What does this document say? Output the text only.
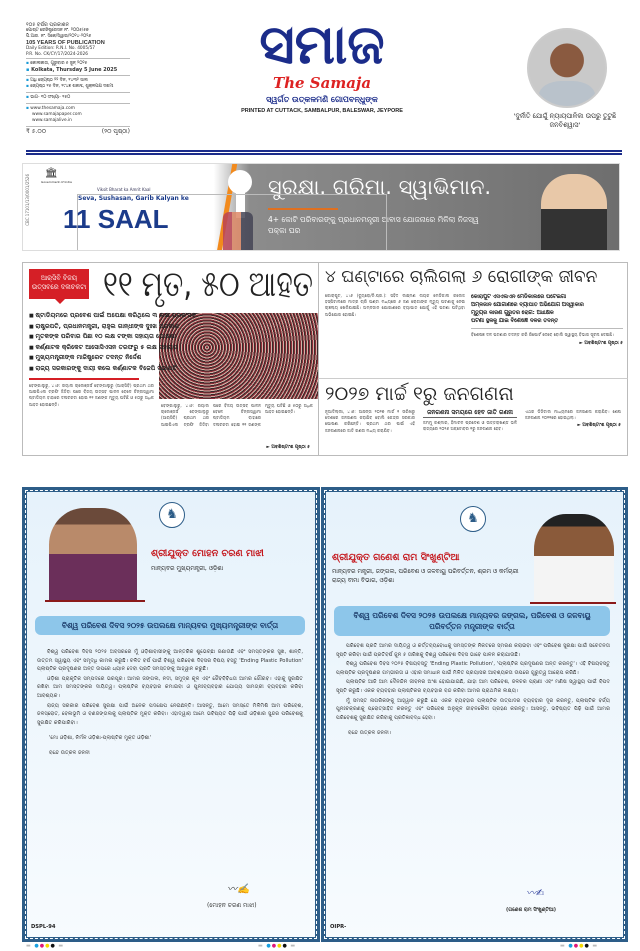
୧୦୫ ବର୍ଷର ପ୍ରକାଶନ
ପୋଷ୍ଟ ରେଜିଷ୍ଟ୍ରେସନ ନଂ. ୨୦୦୫/୫୭
ପି.ଆର. ନଂ. ସିକେ/ସିୱାଇ/୨୦୨୪-୨୦୨୬
105 YEARS OF PUBLICATION
Daily Edition: R.N.I. No. 4005/57
P.R. No. CK/CY/17/2024-2026
▪ କୋଲକାତା, ଗୁରୁବାର ୫ ଜୁନ୍ ୨୦୨୫
▪ Kolkata, Thursday 5 June 2025
▪ ଅଧି ଜ୍ୟେଷ୍ଠ ୨୨ ଦିନ, ୧୪୩୨ ସାଲ
▪ ଜ୍ୟେଷ୍ଠ ୧୫ ଦିନ, ୧୯୪୭ ଶକାବ୍ଦ, ଶୁକ୍ଳପକ୍ଷ ଦଶମୀ
▪ ଭାଗ- ୧୦ ସଂଖ୍ୟା- ୧୫୦
▪ www.thesamaja.com
www.samajapaper.com
www.samajalive.in
₹ ୫.୦୦	(୨୦ ପୃଷ୍ଠା)
ସମାଜ
The Samaja
ସ୍ୱର୍ଗତ ଉତ୍କଳମଣି ଗୋପବନ୍ଧୁଙ୍କ
PRINTED AT CUTTACK, SAMBALPUR, BALESWAR, JEYPORE
'ଦୁର୍ନୀତି ଯୋଗୁଁ ନ୍ୟାୟପାଳିକା ଉପରୁ ତୁଟୁଛି ଜନବିଶ୍ୱାସ'
CBC 17101/13/0001/2526
🏛
Government of India
Viksit Bharat ka Amrit Kaal
Seva, Sushasan, Garib Kalyan ke
11 SAAL
ସୁରକ୍ଷା. ଗରିମା. ସ୍ୱାଭିମାନ.
4+ କୋଟି ପରିବାରଙ୍କୁ ପ୍ରଧାନମନ୍ତ୍ରୀ ଆବାସ ଯୋଜନାରେ ମିଳିଲା ନିଜସ୍ୱ ପକ୍କା ଘର
ଆର୍‌ସିବି ବିଜୟ ଉତ୍ସବରେ ଦଳାଚକଟା ୧୧ ମୃତ, ୫୦ ଆହତ
■ ଷ୍ଟାଡିୟମରେ ପ୍ରବେଶ ପାଇଁ ଅପେକ୍ଷା କରିଥିଲେ ୩ ଲକ୍ଷ ପ୍ରଶଂସକ
■ ରାଷ୍ଟ୍ରପତି, ପ୍ରଧାନମନ୍ତ୍ରୀ, ରାହୁଲ ଗାନ୍ଧୀଙ୍କ ଦୁଃଖ ପ୍ରକାଶ
■ ମୃତକଙ୍କ ପରିବାର ପିଛା ୧୦ ଲକ୍ଷ ଟଙ୍କା ସହାୟତା ଘୋଷଣା
■ କର୍ଣ୍ଣାଟକ କ୍ରିକେଟ ଆସୋସିଏସନ ତରଫରୁ ୫ ଲକ୍ଷ ସହାୟତା
■ ମୁଖ୍ୟମନ୍ତ୍ରୀଙ୍କ ମାଜିଷ୍ଟ୍ରେଟ ତଦନ୍ତ ନିର୍ଦ୍ଦେଶ
■ ରାଜ୍ୟ ସରକାରଙ୍କୁ ଦାୟୀ କଲେ କର୍ଣ୍ଣାଟକ ବିଜେପି ସଭାପତି
ବେଙ୍ଗାଲୁରୁ, ୪।୬: ରୟାଲ ଚାଲେଞ୍ଜର୍ସ ବେଙ୍ଗାଲୁରୁ (ଆର୍‌ସିବି) ପ୍ରଥମ ଥର ଆଇପିଏଲ ଟ୍ରଫି ଜିତିବା ପରେ ବିଜୟ ଉତ୍ସବ ପାଳନ ବେଳେ ଚିନ୍ନାସ୍ୱାମୀ ଷ୍ଟାଡିୟମ ବାହାରେ ଦଳାଚକଟା ହୋଇ ୧୧ ଜଣଙ୍କ ମୃତ୍ୟୁ ଘଟିଛି ଓ ୫୦ରୁ ଅଧିକ ଆହତ ହୋଇଛନ୍ତି।	ବେଙ୍ଗାଲୁରୁ, ୪।୬: ରୟାଲ ଚାଲେଞ୍ଜର୍ସ ବେଙ୍ଗାଲୁରୁ (ଆର୍‌ସିବି) ପ୍ରଥମ ଥର ଆଇପିଏଲ ଟ୍ରଫି ଜିତିବା ପରେ ବିଜୟ ଉତ୍ସବ ପାଳନ ବେଳେ ଚିନ୍ନାସ୍ୱାମୀ ଷ୍ଟାଡିୟମ ବାହାରେ ଦଳାଚକଟା ହୋଇ ୧୧ ଜଣଙ୍କ ମୃତ୍ୟୁ ଘଟିଛି ଓ ୫୦ରୁ ଅଧିକ ଆହତ ହୋଇଛନ୍ତି।
► ଅବଶିଷ୍ଟାଂଶ ପୃଷ୍ଠା ୫
୪ ଘଣ୍ଟାରେ ଚାଲିଗଲା ୬ ରୋଗୀଙ୍କ ଜୀବନ
କୋରାପୁଟ, ୪।୬ (ବ୍ୟୁରୋ/ନି.ପ୍ର.): ସହିଦ ଲକ୍ଷ୍ମଣ ନାୟକ ମେଡିକାଲ କଲେଜ ହସ୍ପିଟାଲରେ ମାତ୍ର ଚାରି ଘଣ୍ଟା ମଧ୍ୟରେ ୬ ଜଣ ରୋଗୀଙ୍କ ମୃତ୍ୟୁ ଘଟଣାକୁ ନେଇ ଚାଞ୍ଚଲ୍ୟ ଖେଳିଯାଇଛି। ଅମ୍ଳଜାନ ଯୋଗାଣରେ ବ୍ୟାଘାତ ଯୋଗୁଁ ଏହି ଘଟଣା ଘଟିଥିବା ଅଭିଯୋଗ ହୋଇଛି।
କୋରାପୁଟ ଏସଏଲଏନ ମେଡିକାଲରେ ଘଟେଇଗା
ଅମ୍ଳଜାନ ଯୋଗାଣରେ ବ୍ୟାଘାତ ଅଭିଯୋଗ ଅସ୍ୱୀକାର
ମୃତ୍ୟୁର କାରଣ ଗୁରୁତର ରୋଗ: ଅଧୀକ୍ଷକ
ଘଟଣା ସ୍ଥଳକୁ ଯାଇ ବିଶେଷଜ୍ଞ ଦଳର ତଦନ୍ତ
ବିଶେଷଜ୍ଞ ଦଳ ଘଟଣାର ତଦନ୍ତ କରି ରିପୋର୍ଟ ଦେବେ ବୋଲି ସ୍ୱାସ୍ଥ୍ୟ ବିଭାଗ ସୂଚନା ଦେଇଛି।
► ଅବଶିଷ୍ଟାଂଶ ପୃଷ୍ଠା ୫
୨୦୨୭ ମାର୍ଚ୍ଚ ୧ରୁ ଜନଗଣନା
ନୂଆଦିଲ୍ଲୀ, ୪।୬: ଆସନ୍ତା ୨୦୨୭ ମାର୍ଚ୍ଚ ୧ ତାରିଖରୁ ଦେଶରେ ଜନଗଣନା କରାଯିବ ବୋଲି କେନ୍ଦ୍ର ସରକାର ଘୋଷଣା କରିଛନ୍ତି। ପ୍ରଥମ ଥର ପାଇଁ ଏହି ଜନଗଣନାରେ ଜାତି ଗଣନା ମଧ୍ୟ କରାଯିବ।
ଜନଗଣନା ସମୟରେ ହେବ ଜାତି ଗଣନା
ଜମ୍ମୁ କଶ୍ମୀର, ହିମାଚଳ ପ୍ରଦେଶ ଓ ଉତ୍ତରାଖଣ୍ଡ ଭଳି ରାଜ୍ୟରେ ୨୦୨୬ ଅକ୍ଟୋବର ୧ରୁ ଜନଗଣନା ହେବ।
ଏଥର ଡିଜିଟାଲ ମାଧ୍ୟମରେ ଜନଗଣନା କରାଯିବ। ଶେଷ ଜନଗଣନା ୨୦୧୧ରେ ହୋଇଥିଲା।
► ଅବଶିଷ୍ଟାଂଶ ପୃଷ୍ଠା ୫
♞
ଶ୍ରୀଯୁକ୍ତ ମୋହନ ଚରଣ ମାଝୀ
ମାନ୍ୟବର ମୁଖ୍ୟମନ୍ତ୍ରୀ, ଓଡ଼ିଶା
ବିଶ୍ୱ ପରିବେଶ ଦିବସ ୨୦୨୫ ଉପଲକ୍ଷେ ମାନ୍ୟବର ମୁଖ୍ୟମନ୍ତ୍ରୀଙ୍କ ବାର୍ତ୍ତା

ବିଶ୍ୱ ପରିବେଶ ଦିବସ ୨୦୨୫ ଅବସରରେ ମୁଁ ଓଡ଼ିଶାବାସୀଙ୍କୁ ଆନ୍ତରିକ ଶୁଭେଚ୍ଛା ଜଣାଉଛି ଏବଂ ସମସ୍ତଙ୍କର ସୁଖ, ଶାନ୍ତି, ଉତ୍ତମ ସ୍ୱାସ୍ଥ୍ୟ ଏବଂ ସମୃଦ୍ଧି କାମନା କରୁଛି। ଚଳିତ ବର୍ଷ ପାଇଁ ବିଶ୍ୱ ପରିବେଶ ଦିବସର ବିଷୟ ବସ୍ତୁ 'Ending Plastic Pollution' ପ୍ଲାଷ୍ଟିକ ପ୍ରଦୂଷଣର ଅନ୍ତ ଉପରେ ଧ୍ୟାନ ଦେବା ପ୍ରତି ସମସ୍ତଙ୍କୁ ଆହ୍ୱାନ କରୁଛି।

ଓଡ଼ିଶା ପ୍ରାକୃତିକ ସମ୍ପଦରେ ଭରପୂର। ଆମର ଜଙ୍ଗଲ, ନଦୀ, ସମୁଦ୍ର କୂଳ ଏବଂ ଜୈବବିବିଧତା ଆମର ଗୌରବ। ଏହାକୁ ସୁରକ୍ଷିତ ରଖିବା ଆମ ସମସ୍ତଙ୍କର ଦାୟିତ୍ୱ। ପ୍ଲାଷ୍ଟିକ ବ୍ୟବହାର କମାଇବା ଓ ପୁନଃବ୍ୟବହାର ଯୋଗ୍ୟ ସାମଗ୍ରୀ ବ୍ୟବହାର କରିବା ଆବଶ୍ୟକ।

ରାଜ୍ୟ ସରକାର ପରିବେଶ ସୁରକ୍ଷା ପାଇଁ ଅନେକ ପଦକ୍ଷେପ ନେଇଛନ୍ତି। ଆସନ୍ତୁ, ଆମେ ସମସ୍ତେ ମିଳିମିଶି ଆମ ପରିବେଶ, ଜଳସ୍ରୋତ, ବେଳାଭୂମି ଓ ବଣଜଙ୍ଗଲକୁ ପ୍ଲାଷ୍ଟିକ ମୁକ୍ତ କରିବା। ଏହାଦ୍ୱାରା ଆମେ ଭବିଷ୍ୟତ ପିଢ଼ି ପାଇଁ ଓଡ଼ିଶାର ସୁନ୍ଦର ପରିବେଶକୁ ସୁରକ୍ଷିତ କରିପାରିବା।

'ମୋ ଓଡ଼ିଶା, ନିର୍ମଳ ଓଡ଼ିଶା-ପ୍ଲାଷ୍ଟିକ ମୁକ୍ତ ଓଡ଼ିଶା'
ବନ୍ଦେ ଉତ୍କଳ ଜନନୀ
〰︎✍
(ମୋହନ ଚରଣ ମାଝୀ)
DSPL-94
♞
ଶ୍ରୀଯୁକ୍ତ ଗଣେଶ ରାମ ସିଂଖୁଣ୍ଟିଆ
ମାନ୍ୟବର ମନ୍ତ୍ରୀ, ଜଙ୍ଗଲ, ପରିବେଶ ଓ ଜଳବାୟୁ ପରିବର୍ତ୍ତନ, ଶ୍ରମ ଓ କର୍ମଚାରୀ ରାଜ୍ୟ ବୀମା ବିଭାଗ, ଓଡ଼ିଶା
ବିଶ୍ୱ ପରିବେଶ ଦିବସ ୨୦୨୫ ଉପଲକ୍ଷେ ମାନ୍ୟବର ଜଙ୍ଗଲ, ପରିବେଶ ଓ ଜଳବାୟୁ ପରିବର୍ତ୍ତନ ମନ୍ତ୍ରୀଙ୍କ ବାର୍ତ୍ତା

ପରିବେଶ ପ୍ରତି ଆମର ଦାୟିତ୍ୱ ଓ କର୍ତ୍ତବ୍ୟବୋଧକୁ ସମସ୍ତଙ୍କ ନିକଟରେ ସ୍ମରଣ କରାଇବା ଏବଂ ପରିବେଶ ସୁରକ୍ଷା ପାଇଁ ସଚେତନତା ସୃଷ୍ଟି କରିବା ପାଇଁ ପ୍ରତିବର୍ଷ ଜୁନ ୫ ତାରିଖକୁ ବିଶ୍ୱ ପରିବେଶ ଦିବସ ଭାବେ ପାଳନ କରାଯାଉଛି।

ବିଶ୍ୱ ପରିବେଶ ଦିବସ ୨୦୨୫ ବିଷୟବସ୍ତୁ 'Ending Plastic Pollution', 'ପ୍ଲାଷ୍ଟିକ ପ୍ରଦୂଷଣର ଅନ୍ତ କରନ୍ତୁ'। ଏହି ବିଷୟବସ୍ତୁ ପ୍ଲାଷ୍ଟିକ ପ୍ରଦୂଷଣର ଗମ୍ଭୀରତା ଓ ଏହାର ସମାଧାନ ପାଇଁ ମିଳିତ ପ୍ରୟାସର ଆବଶ୍ୟକତା ଉପରେ ଗୁରୁତ୍ୱ ଆରୋପ କରିଛି।

ପ୍ଲାଷ୍ଟିକ ଆଜି ଆମ ଦୈନନ୍ଦିନ ଜୀବନର ଅଂଶ ହୋଇଯାଇଛି, ଯାହା ଆମ ପରିବେଶ, ଜଳଚର ପ୍ରାଣୀ ଏବଂ ମଣିଷ ସ୍ୱାସ୍ଥ୍ୟ ପାଇଁ ବିପଦ ସୃଷ୍ଟି କରୁଛି। ଏକକ ବ୍ୟବହାର ପ୍ଲାଷ୍ଟିକର ବ୍ୟବହାର ବନ୍ଦ କରିବା ଆମର ପ୍ରାଥମିକ ଲକ୍ଷ୍ୟ।

ମୁଁ ସମସ୍ତ ନାଗରିକଙ୍କୁ ଆହ୍ୱାନ କରୁଛି ଯେ ଏକକ ବ୍ୟବହାର ପ୍ଲାଷ୍ଟିକ ଉତ୍ପାଦର ବ୍ୟବହାର ଦୂର କରନ୍ତୁ, ପ୍ଲାଷ୍ଟିକ ବର୍ଜ୍ୟ ପୁନଃଚକ୍ରଣକୁ ପ୍ରୋତ୍ସାହିତ କରନ୍ତୁ ଏବଂ ପରିବେଶ ଅନୁକୂଳ ଜୀବନଶୈଳୀ ଗ୍ରହଣ କରନ୍ତୁ। ଆସନ୍ତୁ, ଭବିଷ୍ୟତ ପିଢ଼ି ପାଇଁ ଆମର ପରିବେଶକୁ ସୁରକ୍ଷିତ କରିବାକୁ ପ୍ରତିଜ୍ଞାବଦ୍ଧ ହେବା।

ବନ୍ଦେ ଉତ୍କଳ ଜନନୀ।
〰︎✍
(ଗଣେଶ ରାମ ସିଂଖୁଣ୍ଟିଆ)
OIPR-
▬ ●●●● ▬	▬ ●●●● ▬	▬ ●●●● ▬
